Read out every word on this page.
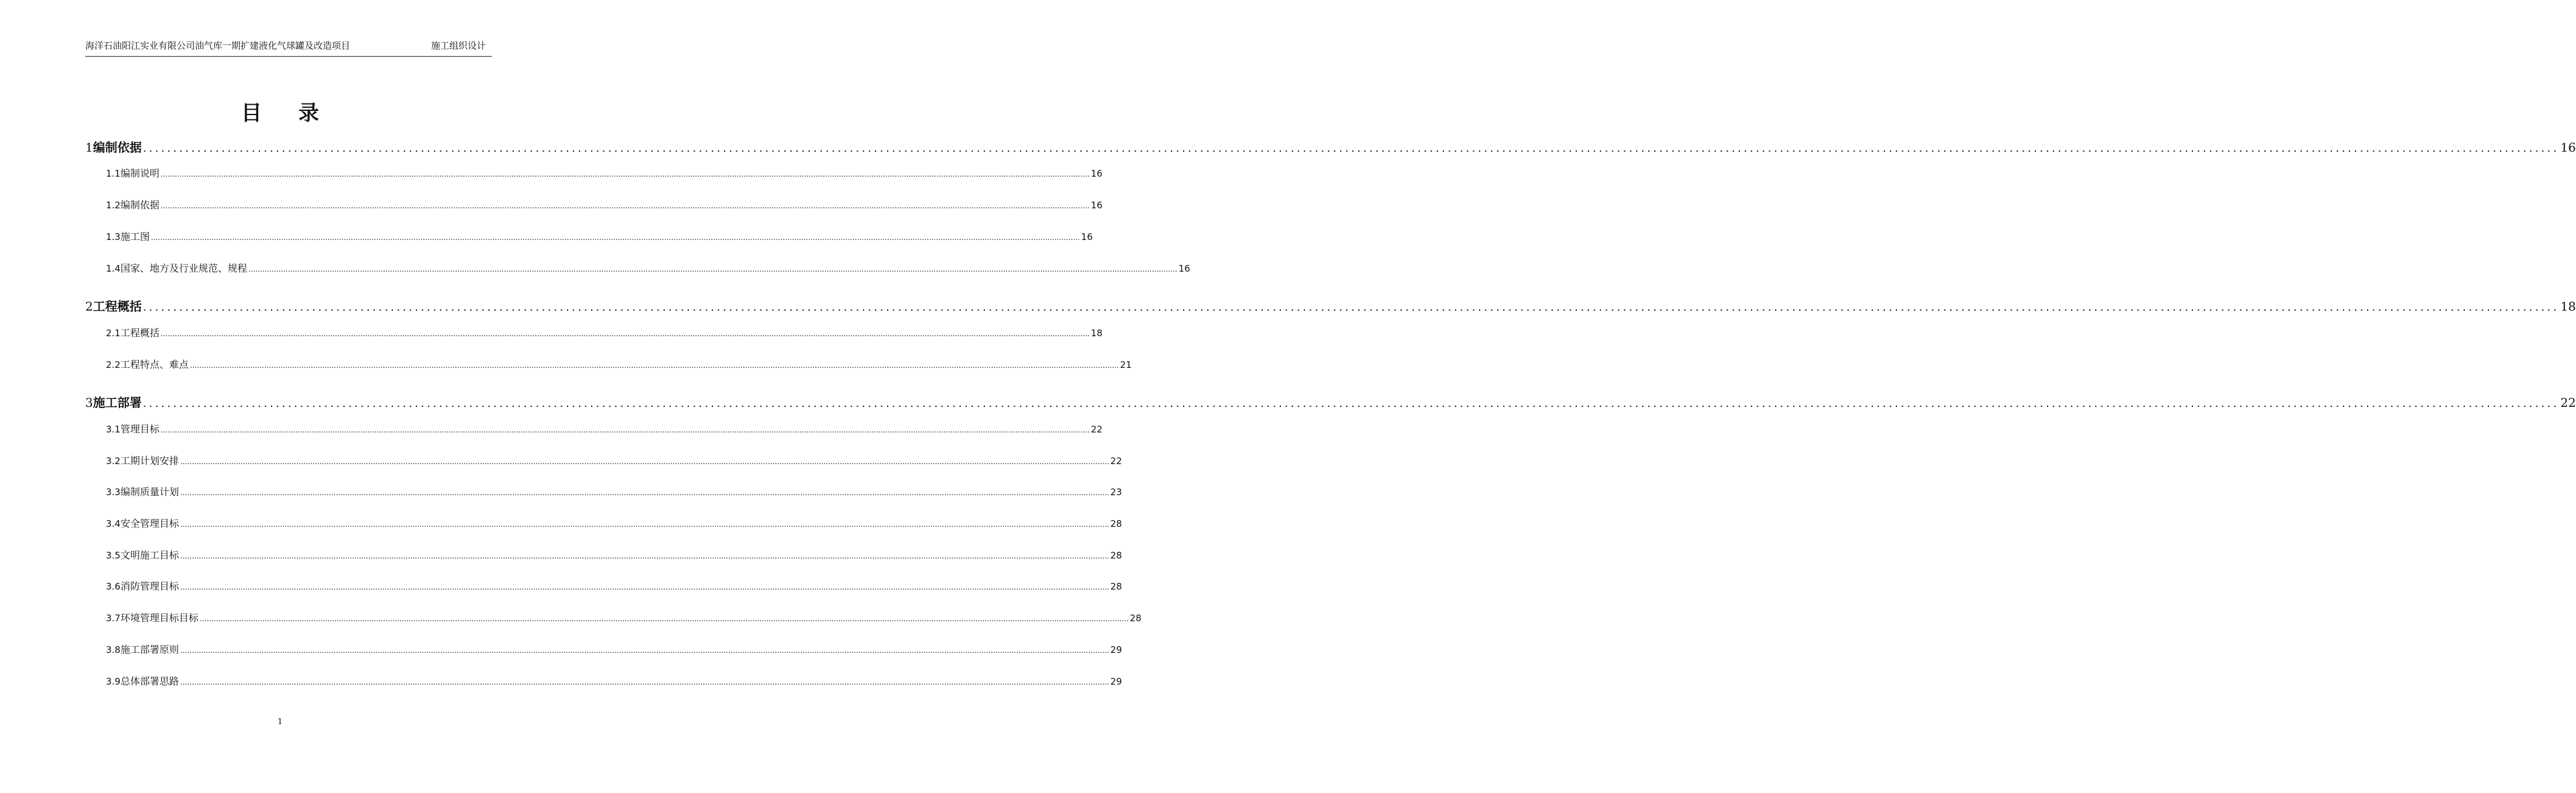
海洋石油阳江实业有限公司油气库一期扩建液化气球罐及改造项目	施工组织设计
目录
1 编制依据 ................................................................................................................................................................................................................................................................................................................................................................................................................ 16
1.1 编制说明 ................................................................................................................................................................................................................................................................................................................................................................................................................ 16
1.2 编制依据 ................................................................................................................................................................................................................................................................................................................................................................................................................ 16
1.3 施工图 ................................................................................................................................................................................................................................................................................................................................................................................................................ 16
1.4 国家、地方及行业规范、规程 ................................................................................................................................................................................................................................................................................................................................................................................................................ 16
2 工程概括 ................................................................................................................................................................................................................................................................................................................................................................................................................ 18
2.1 工程概括 ................................................................................................................................................................................................................................................................................................................................................................................................................ 18
2.2 工程特点、难点 ................................................................................................................................................................................................................................................................................................................................................................................................................ 21
3 施工部署 ................................................................................................................................................................................................................................................................................................................................................................................................................ 22
3.1 管理目标 ................................................................................................................................................................................................................................................................................................................................................................................................................ 22
3.2 工期计划安排 ................................................................................................................................................................................................................................................................................................................................................................................................................ 22
3.3 编制质量计划 ................................................................................................................................................................................................................................................................................................................................................................................................................ 23
3.4 安全管理目标 ................................................................................................................................................................................................................................................................................................................................................................................................................ 28
3.5 文明施工目标 ................................................................................................................................................................................................................................................................................................................................................................................................................ 28
3.6 消防管理目标 ................................................................................................................................................................................................................................................................................................................................................................................................................ 28
3.7 环境管理目标目标 ................................................................................................................................................................................................................................................................................................................................................................................................................ 28
3.8 施工部署原则 ................................................................................................................................................................................................................................................................................................................................................................................................................ 29
3.9 总体部署思路 ................................................................................................................................................................................................................................................................................................................................................................................................................ 29
1
